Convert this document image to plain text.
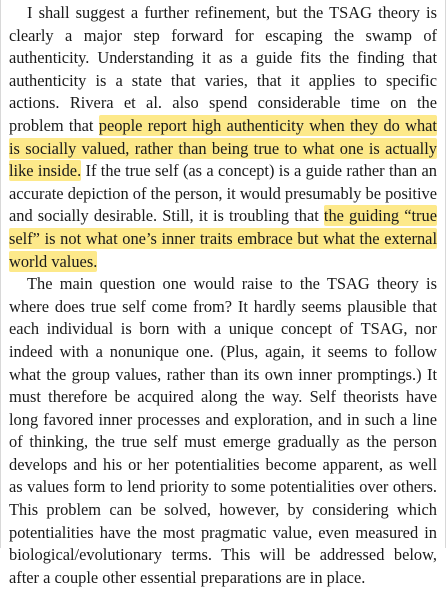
I shall suggest a further refinement, but the TSAG theory is clearly a major step forward for escaping the swamp of authenticity. Understanding it as a guide fits the finding that authenticity is a state that varies, that it applies to specific actions. Rivera et al. also spend considerable time on the problem that people report high authenticity when they do what is socially valued, rather than being true to what one is actually like inside. If the true self (as a concept) is a guide rather than an accurate depiction of the person, it would presumably be positive and socially desirable. Still, it is troubling that the guiding “true self” is not what one’s inner traits embrace but what the external world values.

The main question one would raise to the TSAG theory is where does true self come from? It hardly seems plausible that each individual is born with a unique concept of TSAG, nor indeed with a nonunique one. (Plus, again, it seems to follow what the group values, rather than its own inner promptings.) It must therefore be acquired along the way. Self theorists have long favored inner processes and exploration, and in such a line of thinking, the true self must emerge gradually as the person develops and his or her potentialities become apparent, as well as values form to lend priority to some potentialities over others. This problem can be solved, however, by considering which potentialities have the most pragmatic value, even measured in biological/evolutionary terms. This will be addressed below, after a couple other essential preparations are in place.
